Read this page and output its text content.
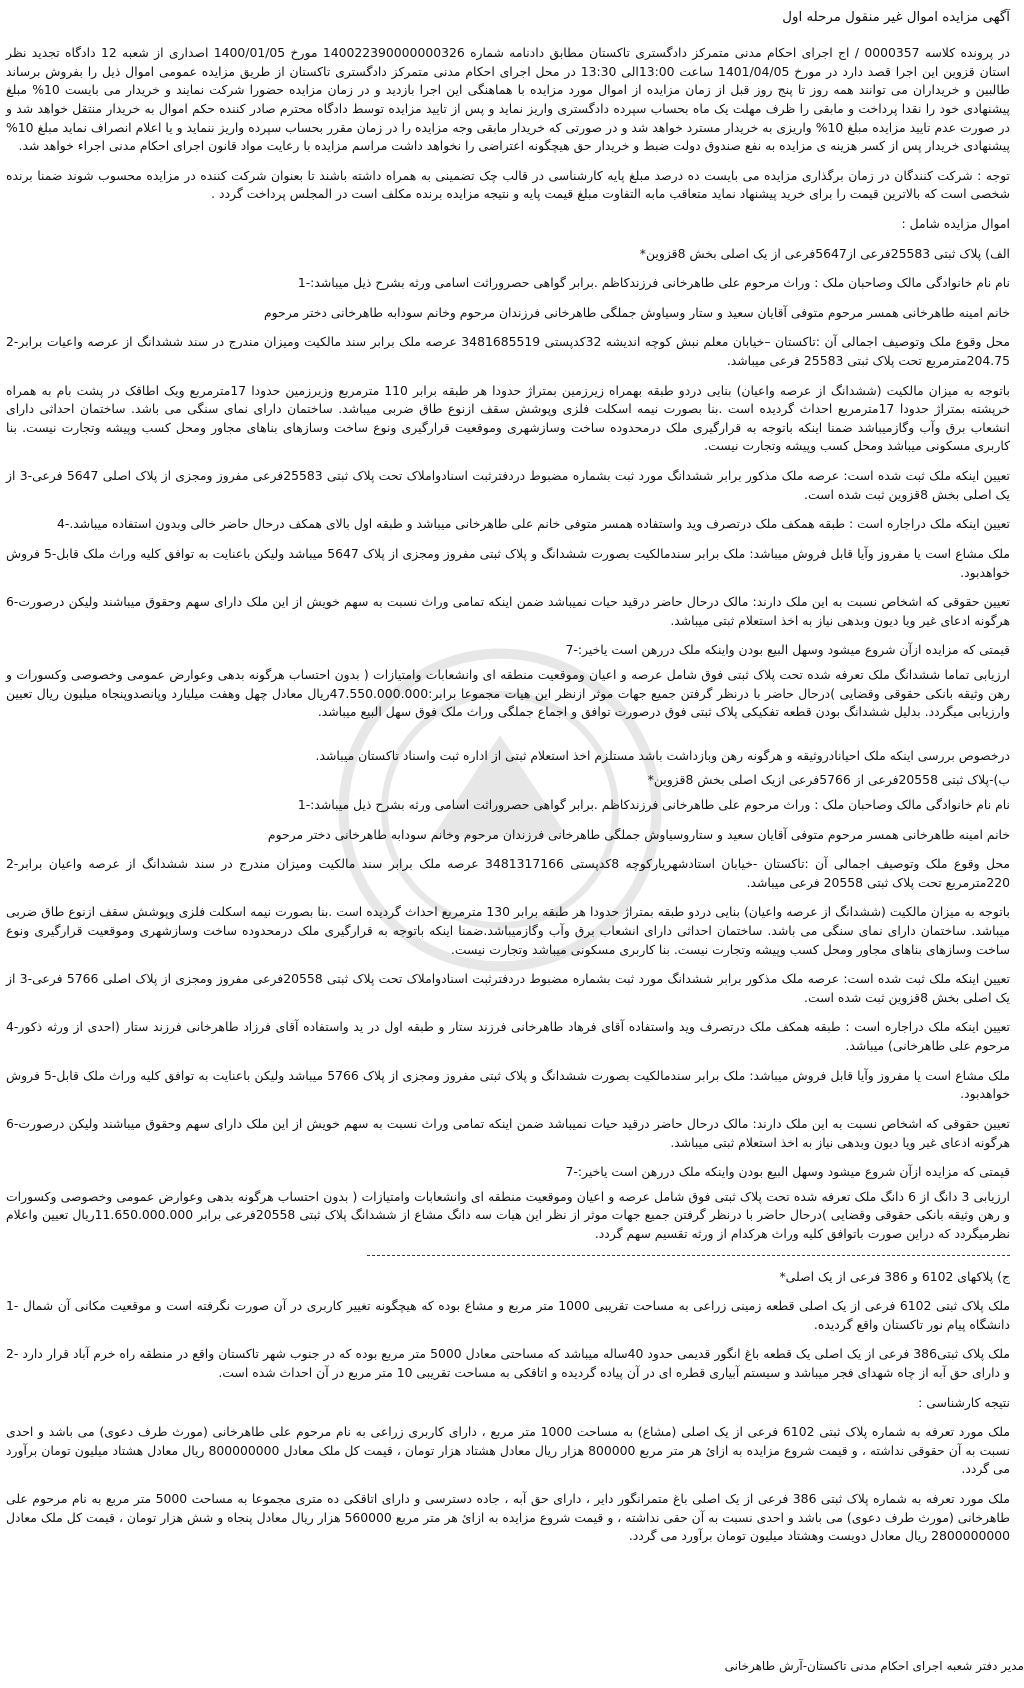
آگهی مزایده اموال غیر منقول مرحله اول

در پرونده کلاسه 0000357 / اج اجرای احکام مدنی متمرکز دادگستری تاکستان مطابق دادنامه شماره 140022390000000326 مورخ 1400/01/05 اصداری از شعبه 12 دادگاه تجدید نظر استان قزوین این اجرا قصد دارد در مورخ 1401/04/05 ساعت 13:00الی 13:30 در محل اجرای احکام مدنی متمرکز دادگستری تاکستان از طریق مزایده عمومی اموال ذیل را بفروش برساند طالبین و خریداران می توانند همه روز تا پنج روز قبل از زمان مزایده از اموال مورد مزایده با هماهنگی این اجرا بازدید و در زمان مزایده حضورا شرکت نمایند و خریدار می بایست 10% مبلغ پیشنهادی خود را نقدا پرداخت و مابقی را ظرف مهلت یک ماه بحساب سپرده دادگستری واریز نماید و پس از تایید مزایده توسط دادگاه محترم صادر کننده حکم اموال به خریدار منتقل خواهد شد و در صورت عدم تایید مزایده مبلغ 10% واریزی به خریدار مسترد خواهد شد و در صورتی که خریدار مابقی وجه مزایده را در زمان مقرر بحساب سپرده واریز ننماید و یا اعلام انصراف نماید مبلغ 10% پیشنهادی خریدار پس از کسر هزینه ی مزایده به نفع صندوق دولت ضبط و خریدار حق هیچگونه اعتراضی را نخواهد داشت مراسم مزایده با رعایت مواد قانون اجرای احکام مدنی اجراء خواهد شد.

توجه : شرکت کنندگان در زمان برگذاری مزایده می بایست ده درصد مبلغ پایه کارشناسی در قالب چک تضمینی به همراه داشته باشند تا بعنوان شرکت کننده در مزایده محسوب شوند ضمنا برنده شخصی است که بالاترین قیمت را برای خرید پیشنهاد نماید متعاقب مابه التفاوت مبلغ قیمت پایه و نتیجه مزایده برنده مکلف است در المجلس پرداخت گردد .

اموال مزایده شامل :

الف) پلاک ثبتی 25583فرعی از5647فرعی از یک اصلی بخش 8قزوین*

نام نام خانوادگی مالک وصاحبان ملک : وراث مرحوم علی طاهرخانی فرزندکاظم .برابر گواهی حصروراثت اسامی ورثه بشرح ذیل میباشد:-1

خانم امینه طاهرخانی همسر مرحوم متوفی آقایان سعید و ستار وسیاوش جملگی طاهرخانی فرزندان مرحوم وخانم سودابه طاهرخانی دختر مرحوم

محل وقوع ملک وتوصیف اجمالی آن :تاکستان –خیابان معلم نبش کوچه اندیشه 32کدپستی 3481685519 عرصه ملک برابر سند مالکیت ومیزان مندرج در سند ششدانگ از عرصه واعیات برابر-2 204.75مترمربع تحت پلاک ثبتی 25583 فرعی میباشد.

باتوجه به میزان مالکیت (ششدانگ از عرصه واعیان) بنایی دردو طبقه بهمراه زیرزمین بمتراژ حدودا هر طبقه برابر 110 مترمربع وزیرزمین حدودا 17مترمربع ویک اطاقک در پشت بام به همراه خرپشته بمتراژ حدودا 17مترمربع احداث گردیده است .بنا بصورت نیمه اسکلت فلزی وپوشش سقف ازنوع طاق ضربی میباشد. ساختمان دارای نمای سنگی می باشد. ساختمان احداثی دارای انشعاب برق وآب وگازمیباشد ضمنا اینکه باتوجه به قرارگیری ملک درمحدوده ساخت وسازشهری وموقعیت قرارگیری ونوع ساخت وسازهای بناهای مجاور ومحل کسب وپیشه وتجارت نیست. بنا کاربری مسکونی میباشد ومحل کسب وپیشه وتجارت نیست.

تعیین اینکه ملک ثبت شده است: عرصه ملک مذکور برابر ششدانگ مورد ثبت بشماره مضبوط دردفترثبت اسنادواملاک تحت پلاک ثبتی 25583فرعی مفروز ومجزی از پلاک اصلی 5647 فرعی-3 از یک اصلی بخش 8قزوین ثبت شده است.

تعیین اینکه ملک دراجاره است : طبقه همکف ملک درتصرف وید واستفاده همسر متوفی خانم علی طاهرخانی میباشد و طبقه اول بالای همکف درحال حاضر خالی وبدون استفاده میباشد.-4

ملک مشاع است یا مفروز وآیا قابل فروش میباشد: ملک برابر سندمالکیت بصورت ششدانگ و پلاک ثبتی مفروز ومجزی از پلاک 5647 میباشد ولیکن باعنایت به توافق کلیه وراث ملک قابل-5 فروش خواهدبود.

تعیین حقوقی که اشخاص نسبت به این ملک دارند: مالک درحال حاضر درقید حیات نمیباشد ضمن اینکه تمامی وراث نسبت به سهم خویش از این ملک دارای سهم وحقوق میباشند ولیکن درصورت-6 هرگونه ادعای غیر ویا دیون وبدهی نیاز به اخذ استعلام ثبتی میباشد.

قیمتی که مزایده ازآن شروع میشود وسهل البیع بودن واینکه ملک دررهن است یاخیر:-7

ارزیابی تماما ششدانگ ملک تعرفه شده تحت پلاک ثبتی فوق شامل عرصه و اعیان وموقعیت منطقه ای وانشعابات وامتیازات ( بدون احتساب هرگونه بدهی وعوارض عمومی وخصوصی وکسورات و رهن وثیقه بانکی حقوقی وقضایی )درحال حاضر با درنظر گرفتن جمیع جهات موثر ازنظر این هیات مجموعا برابر:47.550.000.000ریال معادل چهل وهفت میلیارد وپانصدوپنجاه میلیون ریال تعیین وارزیابی میگردد. بدلیل ششدانگ بودن قطعه تفکیکی پلاک ثبتی فوق درصورت توافق و اجماع جملگی وراث ملک فوق سهل البیع میباشد.

درخصوص بررسی اینکه ملک احیانادروثیقه و هرگونه رهن وبازداشت باشد مستلزم اخذ استعلام ثبتی از اداره ثبت واسناد تاکستان میباشد.

ب)-پلاک ثبتی 20558فرعی از 5766فرعی ازیک اصلی بخش 8قزوین*

نام نام خانوادگی مالک وصاحبان ملک : وراث مرحوم علی طاهرخانی فرزندکاظم .برابر گواهی حصروراثت اسامی ورثه بشرح ذیل میباشد:-1

خانم امینه طاهرخانی همسر مرحوم متوفی آقایان سعید و ستاروسیاوش جملگی طاهرخانی فرزندان مرحوم وخانم سودابه طاهرخانی دختر مرحوم

محل وقوع ملک وتوصیف اجمالی آن :تاکستان -خیابان استادشهریارکوچه 8کدپستی 3481317166 عرصه ملک برابر سند مالکیت ومیزان مندرج در سند ششدانگ از عرصه واعیان برابر-2 220مترمربع تحت پلاک ثبتی 20558 فرعی میباشد.

باتوجه به میزان مالکیت (ششدانگ از عرصه واعیان) بنایی دردو طبقه بمتراژ حدودا هر طبقه برابر 130 مترمربع احداث گردیده است .بنا بصورت نیمه اسکلت فلزی وپوشش سقف ازنوع طاق ضربی میباشد. ساختمان دارای نمای سنگی می باشد. ساختمان احداثی دارای انشعاب برق وآب وگازمیباشد.ضمنا اینکه باتوجه به قرارگیری ملک درمحدوده ساخت وسازشهری وموقعیت قرارگیری ونوع ساخت وسازهای بناهای مجاور ومحل کسب وپیشه وتجارت نیست. بنا کاربری مسکونی میباشد وتجارت نیست.

تعیین اینکه ملک ثبت شده است: عرصه ملک مذکور برابر ششدانگ مورد ثبت بشماره مضبوط دردفترثبت اسنادواملاک تحت پلاک ثبتی 20558فرعی مفروز ومجزی از پلاک اصلی 5766 فرعی-3 از یک اصلی بخش 8قزوین ثبت شده است.

تعیین اینکه ملک دراجاره است : طبقه همکف ملک درتصرف وید واستفاده آقای فرهاد طاهرخانی فرزند ستار و طبقه اول در ید واستفاده آقای فرزاد طاهرخانی فرزند ستار (احدی از ورثه ذکور-4 مرحوم علی طاهرخانی) میباشد.

ملک مشاع است یا مفروز وآیا قابل فروش میباشد: ملک برابر سندمالکیت بصورت ششدانگ و پلاک ثبتی مفروز ومجزی از پلاک 5766 میباشد ولیکن باعنایت به توافق کلیه وراث ملک قابل-5 فروش خواهدبود.

تعیین حقوقی که اشخاص نسبت به این ملک دارند: مالک درحال حاضر درقید حیات نمیباشد ضمن اینکه تمامی وراث نسبت به سهم خویش از این ملک دارای سهم وحقوق میباشند ولیکن درصورت-6 هرگونه ادعای غیر ویا دیون وبدهی نیاز به اخذ استعلام ثبتی میباشد.

قیمتی که مزایده ازآن شروع میشود وسهل البیع بودن واینکه ملک دررهن است یاخیر:-7

ارزیابی 3 دانگ از 6 دانگ ملک تعرفه شده تحت پلاک ثبتی فوق شامل عرصه و اعیان وموقعیت منطقه ای وانشعابات وامتیازات ( بدون احتساب هرگونه بدهی وعوارض عمومی وخصوصی وکسورات و رهن وثیقه بانکی حقوقی وقضایی )درحال حاضر با درنظر گرفتن جمیع جهات موثر از نظر این هیات سه دانگ مشاع از ششدانگ پلاک ثبتی 20558فرعی برابر 11.650.000.000ریال تعیین واعلام نظرمیگردد که دراین صورت باتوافق کلیه وراث هرکدام از ورثه تقسیم سهم گردد.

ج) پلاکهای 6102 و 386 فرعی از یک اصلی*

ملک پلاک ثبتی 6102 فرعی از یک اصلی قطعه زمینی زراعی به مساحت تقریبی 1000 متر مربع و مشاع بوده که هیچگونه تغییر کاربری در آن صورت نگرفته است و موقعیت مکانی آن شمال -1 دانشگاه پیام نور تاکستان واقع گردیده.

ملک پلاک ثبتی386 فرعی از یک اصلی یک قطعه باغ انگور قدیمی حدود 40ساله میباشد که مساحتی معادل 5000 متر مربع بوده که در جنوب شهر تاکستان واقع در منطقه راه خرم آباد قرار دارد -2 و دارای حق آبه از چاه شهدای فجر میباشد و سیستم آبیاری قطره ای در آن پیاده گردیده و اتاقکی به مساحت تقریبی 10 متر مربع در آن احداث شده است.

نتیجه کارشناسی :

ملک مورد تعرفه به شماره پلاک ثبتی 6102 فرعی از یک اصلی (مشاع) به مساحت 1000 متر مربع ، دارای کاربری زراعی به نام مرحوم علی طاهرخانی (مورث طرف دعوی) می باشد و احدی نسبت به آن حقوقی نداشته ، و قیمت شروع مزایده به ازائ هر متر مربع 800000 هزار ریال معادل هشتاد هزار تومان ، قیمت کل ملک معادل 800000000 ریال معادل هشتاد میلیون تومان برآورد می گردد.

ملک مورد تعرفه به شماره پلاک ثبتی 386 فرعی از یک اصلی باغ متمرانگور دایر ، دارای حق آبه ، جاده دسترسی و دارای اتاقکی ده متری مجموعا به مساحت 5000 متر مربع به نام مرحوم علی طاهرخانی (مورث طرف دعوی) می باشد و احدی نسبت به آن حقی نداشته ، و قیمت شروع مزایده به ازائ هر متر مربع 560000 هزار ریال معادل پنجاه و شش هزار تومان ، قیمت کل ملک معادل 2800000000 ریال معادل دویست وهشتاد میلیون تومان برآورد می گردد.

مدیر دفتر شعبه اجرای احکام مدنی تاکستان-آرش طاهرخانی
